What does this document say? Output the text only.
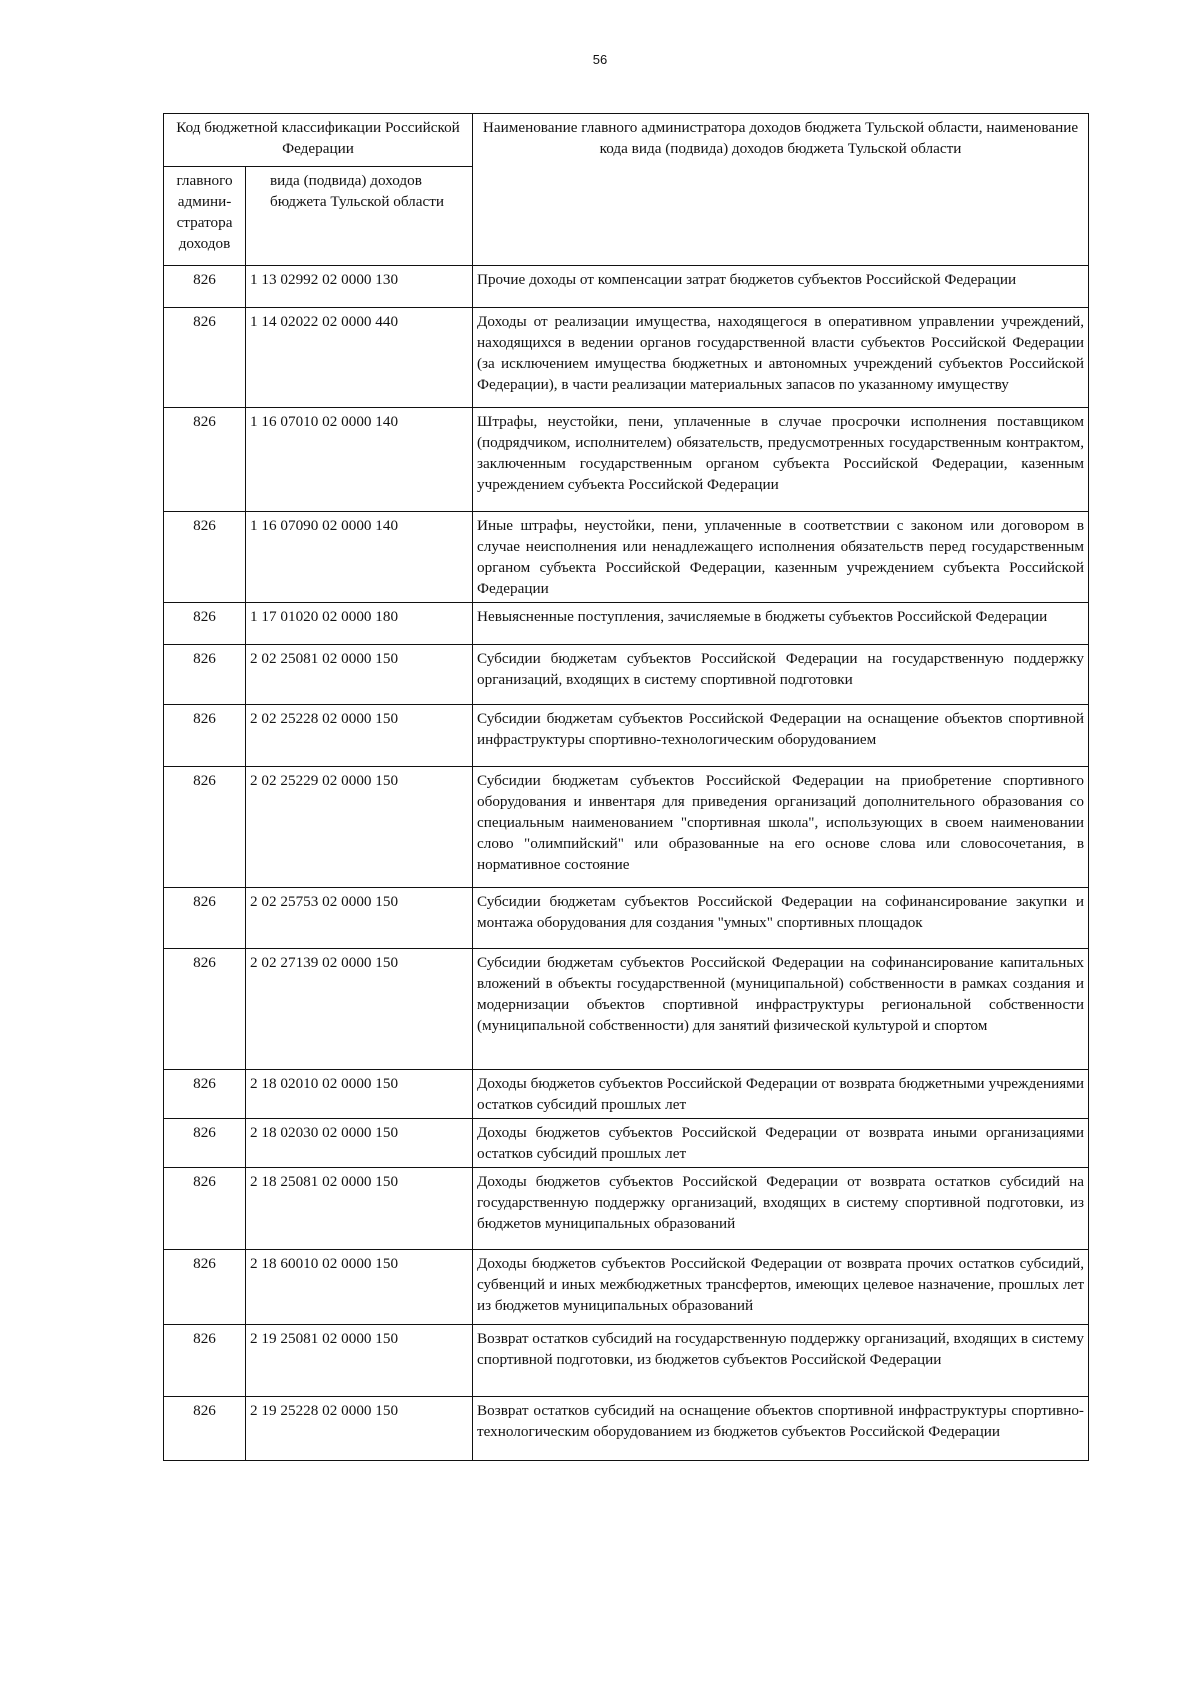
56
Код бюджетной классификации Российской Федерации		Наименование главного администратора доходов бюджета Тульской области, наименование кода вида (подвида) доходов бюджета Тульской области
главного админи-стратора доходов	вида (подвида) доходов бюджета Тульской области	
826	1 13 02992 02 0000 130	Прочие доходы от компенсации затрат бюджетов субъектов Российской Федерации
826	1 14 02022 02 0000 440	Доходы от реализации имущества, находящегося в оперативном управлении учреждений, находящихся в ведении органов государственной власти субъектов Российской Федерации (за исключением имущества бюджетных и автономных учреждений субъектов Российской Федерации), в части реализации материальных запасов по указанному имуществу
826	1 16 07010 02 0000 140	Штрафы, неустойки, пени, уплаченные в случае просрочки исполнения поставщиком (подрядчиком, исполнителем) обязательств, предусмотренных государственным контрактом, заключенным государственным органом субъекта Российской Федерации, казенным учреждением субъекта Российской Федерации
826	1 16 07090 02 0000 140	Иные штрафы, неустойки, пени, уплаченные в соответствии с законом или договором в случае неисполнения или ненадлежащего исполнения обязательств перед государственным органом субъекта Российской Федерации, казенным учреждением субъекта Российской Федерации
826	1 17 01020 02 0000 180	Невыясненные поступления, зачисляемые в бюджеты субъектов Российской Федерации
826	2 02 25081 02 0000 150	Субсидии бюджетам субъектов Российской Федерации на государственную поддержку организаций, входящих в систему спортивной подготовки
826	2 02 25228 02 0000 150	Субсидии бюджетам субъектов Российской Федерации на оснащение объектов спортивной инфраструктуры спортивно-технологическим оборудованием
826	2 02 25229 02 0000 150	Субсидии бюджетам субъектов Российской Федерации на приобретение спортивного оборудования и инвентаря для приведения организаций дополнительного образования со специальным наименованием "спортивная школа", использующих в своем наименовании слово "олимпийский" или образованные на его основе слова или словосочетания, в нормативное состояние
826	2 02 25753 02 0000 150	Субсидии бюджетам субъектов Российской Федерации на софинансирование закупки и монтажа оборудования для создания "умных" спортивных площадок
826	2 02 27139 02 0000 150	Субсидии бюджетам субъектов Российской Федерации на софинансирование капитальных вложений в объекты государственной (муниципальной) собственности в рамках создания и модернизации объектов спортивной инфраструктуры региональной собственности (муниципальной собственности) для занятий физической культурой и спортом
826	2 18 02010 02 0000 150	Доходы бюджетов субъектов Российской Федерации от возврата бюджетными учреждениями остатков субсидий прошлых лет
826	2 18 02030 02 0000 150	Доходы бюджетов субъектов Российской Федерации от возврата иными организациями остатков субсидий прошлых лет
826	2 18 25081 02 0000 150	Доходы бюджетов субъектов Российской Федерации от возврата остатков субсидий на государственную поддержку организаций, входящих в систему спортивной подготовки, из бюджетов муниципальных образований
826	2 18 60010 02 0000 150	Доходы бюджетов субъектов Российской Федерации от возврата прочих остатков субсидий, субвенций и иных межбюджетных трансфертов, имеющих целевое назначение, прошлых лет из бюджетов муниципальных образований
826	2 19 25081 02 0000 150	Возврат остатков субсидий на государственную поддержку организаций, входящих в систему спортивной подготовки, из бюджетов субъектов Российской Федерации
826	2 19 25228 02 0000 150	Возврат остатков субсидий на оснащение объектов спортивной инфраструктуры спортивно-технологическим оборудованием из бюджетов субъектов Российской Федерации
